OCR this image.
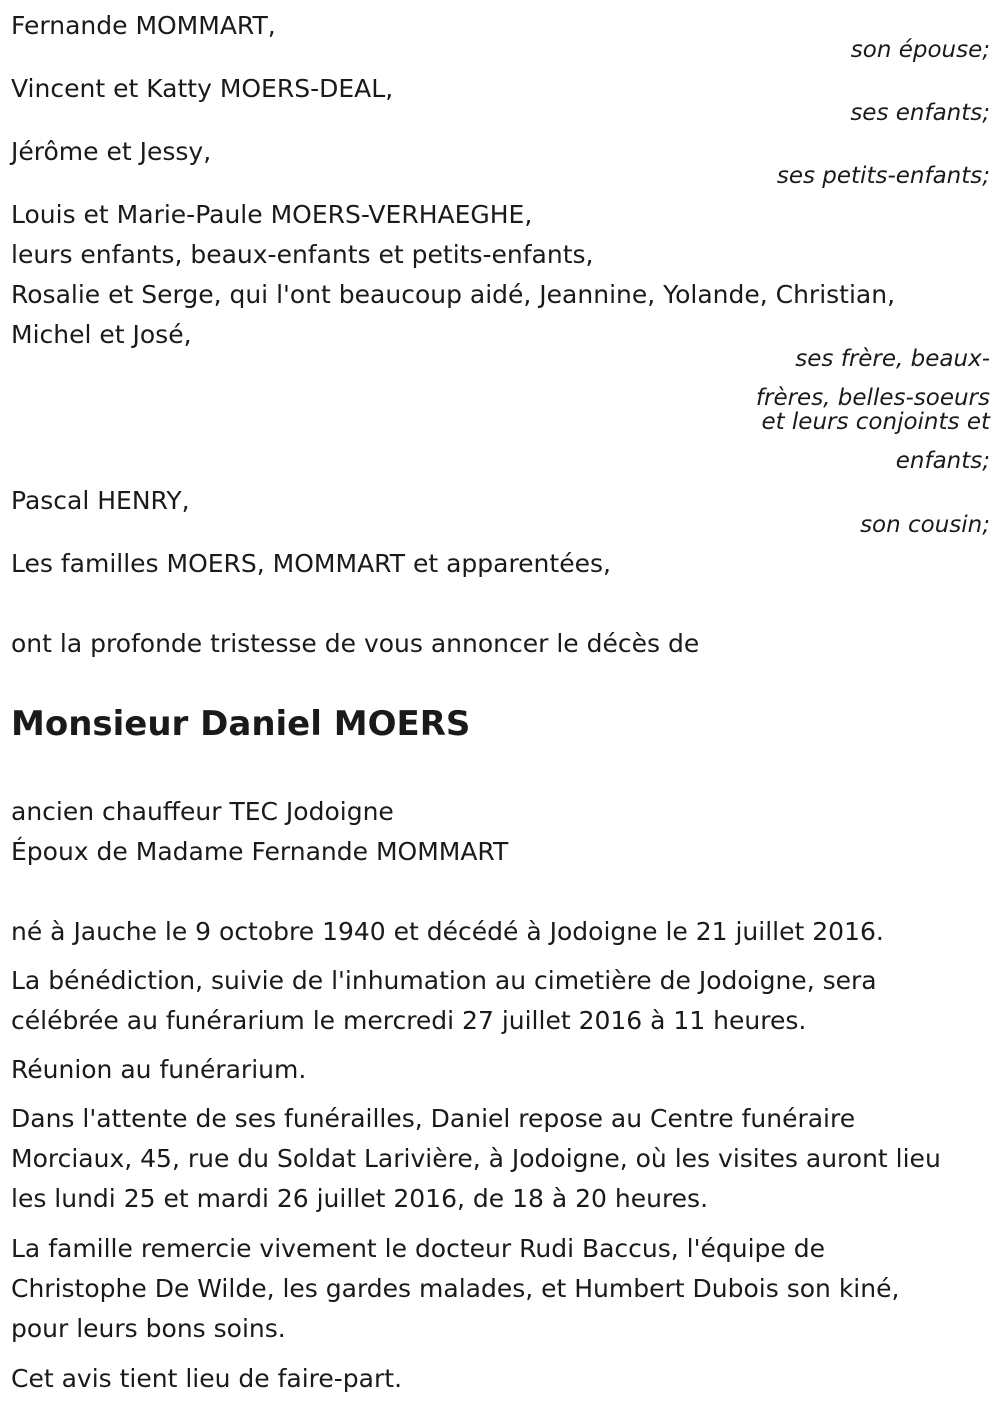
Fernande MOMMART,

son épouse;

Vincent et Katty MOERS-DEAL,

ses enfants;

Jérôme et Jessy,

ses petits-enfants;

Louis et Marie-Paule MOERS-VERHAEGHE,

leurs enfants, beaux-enfants et petits-enfants,

Rosalie et Serge, qui l'ont beaucoup aidé, Jeannine, Yolande, Christian,

Michel et José,

ses frère, beaux-

frères, belles-soeurs

et leurs conjoints et

enfants;

Pascal HENRY,

son cousin;

Les familles MOERS, MOMMART et apparentées,

ont la profonde tristesse de vous annoncer le décès de

Monsieur Daniel MOERS

ancien chauffeur TEC Jodoigne

Époux de Madame Fernande MOMMART

né à Jauche le 9 octobre 1940 et décédé à Jodoigne le 21 juillet 2016.

La bénédiction, suivie de l'inhumation au cimetière de Jodoigne, sera

célébrée au funérarium le mercredi 27 juillet 2016 à 11 heures.

Réunion au funérarium.

Dans l'attente de ses funérailles, Daniel repose au Centre funéraire

Morciaux, 45, rue du Soldat Larivière, à Jodoigne, où les visites auront lieu

les lundi 25 et mardi 26 juillet 2016, de 18 à 20 heures.

La famille remercie vivement le docteur Rudi Baccus, l'équipe de

Christophe De Wilde, les gardes malades, et Humbert Dubois son kiné,

pour leurs bons soins.

Cet avis tient lieu de faire-part.
